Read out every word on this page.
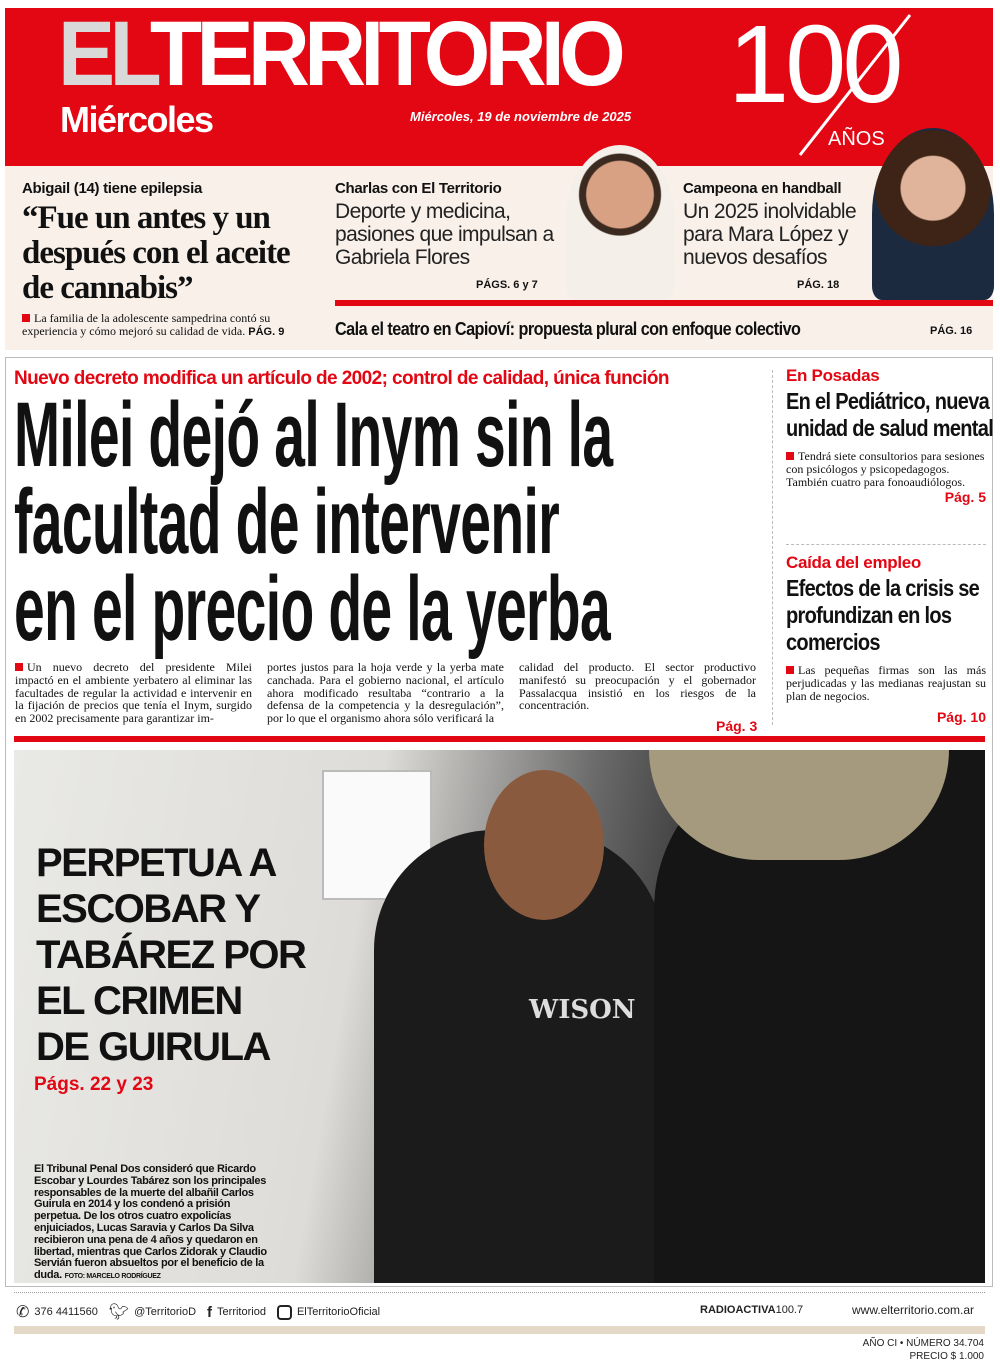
ELTERRITORIO
Miércoles	Miércoles, 19 de noviembre de 2025 100
AÑOS
Abigail (14) tiene epilepsia
“Fue un antes y un después con el aceite de cannabis”
La familia de la adolescente sampedrina contó su experiencia y cómo mejoró su calidad de vida. PÁG. 9
Charlas con El Territorio
Deporte y medicina, pasiones que impulsan a Gabriela Flores
PÁGS. 6 y 7
Campeona en handball
Un 2025 inolvidable para Mara López y nuevos desafíos
PÁG. 18
Cala el teatro en Capioví: propuesta plural con enfoque colectivo	PÁG. 16
Nuevo decreto modifica un artículo de 2002; control de calidad, única función
Milei dejó al Inym sin la
facultad de intervenir
en el precio de la yerba
Un nuevo decreto del presidente Milei impactó en el ambiente yerbatero al eliminar las facultades de regular la actividad e intervenir en la fijación de precios que tenía el Inym, surgido en 2002 precisamente para garantizar im-
portes justos para la hoja verde y la yerba mate canchada. Para el gobierno nacional, el artículo ahora modificado resultaba “contrario a la defensa de la competencia y la desregulación”, por lo que el organismo ahora sólo verificará la
calidad del producto. El sector productivo manifestó su preocupación y el gobernador Passalacqua insistió en los riesgos de la concentración.
Pág. 3
En Posadas
En el Pediátrico, nueva unidad de salud mental
Tendrá siete consultorios para sesiones con psicólogos y psicopedagogos. También cuatro para fonoaudiólogos.
Pág. 5
Caída del empleo
Efectos de la crisis se profundizan en los comercios
Las pequeñas firmas son las más perjudicadas y las medianas reajustan su plan de negocios.
Pág. 10
WISON
PERPETUA A
ESCOBAR Y
TABÁREZ POR
EL CRIMEN
DE GUIRULA
Págs. 22 y 23
El Tribunal Penal Dos consideró que Ricardo Escobar y Lourdes Tabárez son los principales responsables de la muerte del albañil Carlos Guirula en 2014 y los condenó a prisión perpetua. De los otros cuatro expolicías enjuiciados, Lucas Saravia y Carlos Da Silva recibieron una pena de 4 años y quedaron en libertad, mientras que Carlos Zidorak y Claudio Servián fueron absueltos por el beneficio de la duda. FOTO: MARCELO RODRÍGUEZ
✆ 376 4411560 🐦︎ @TerritorioD f Territoriod	ElTerritorioOficial	RADIOACTIVA100.7	www.elterritorio.com.ar
AÑO CI • NÚMERO 34.704
PRECIO $ 1.000
